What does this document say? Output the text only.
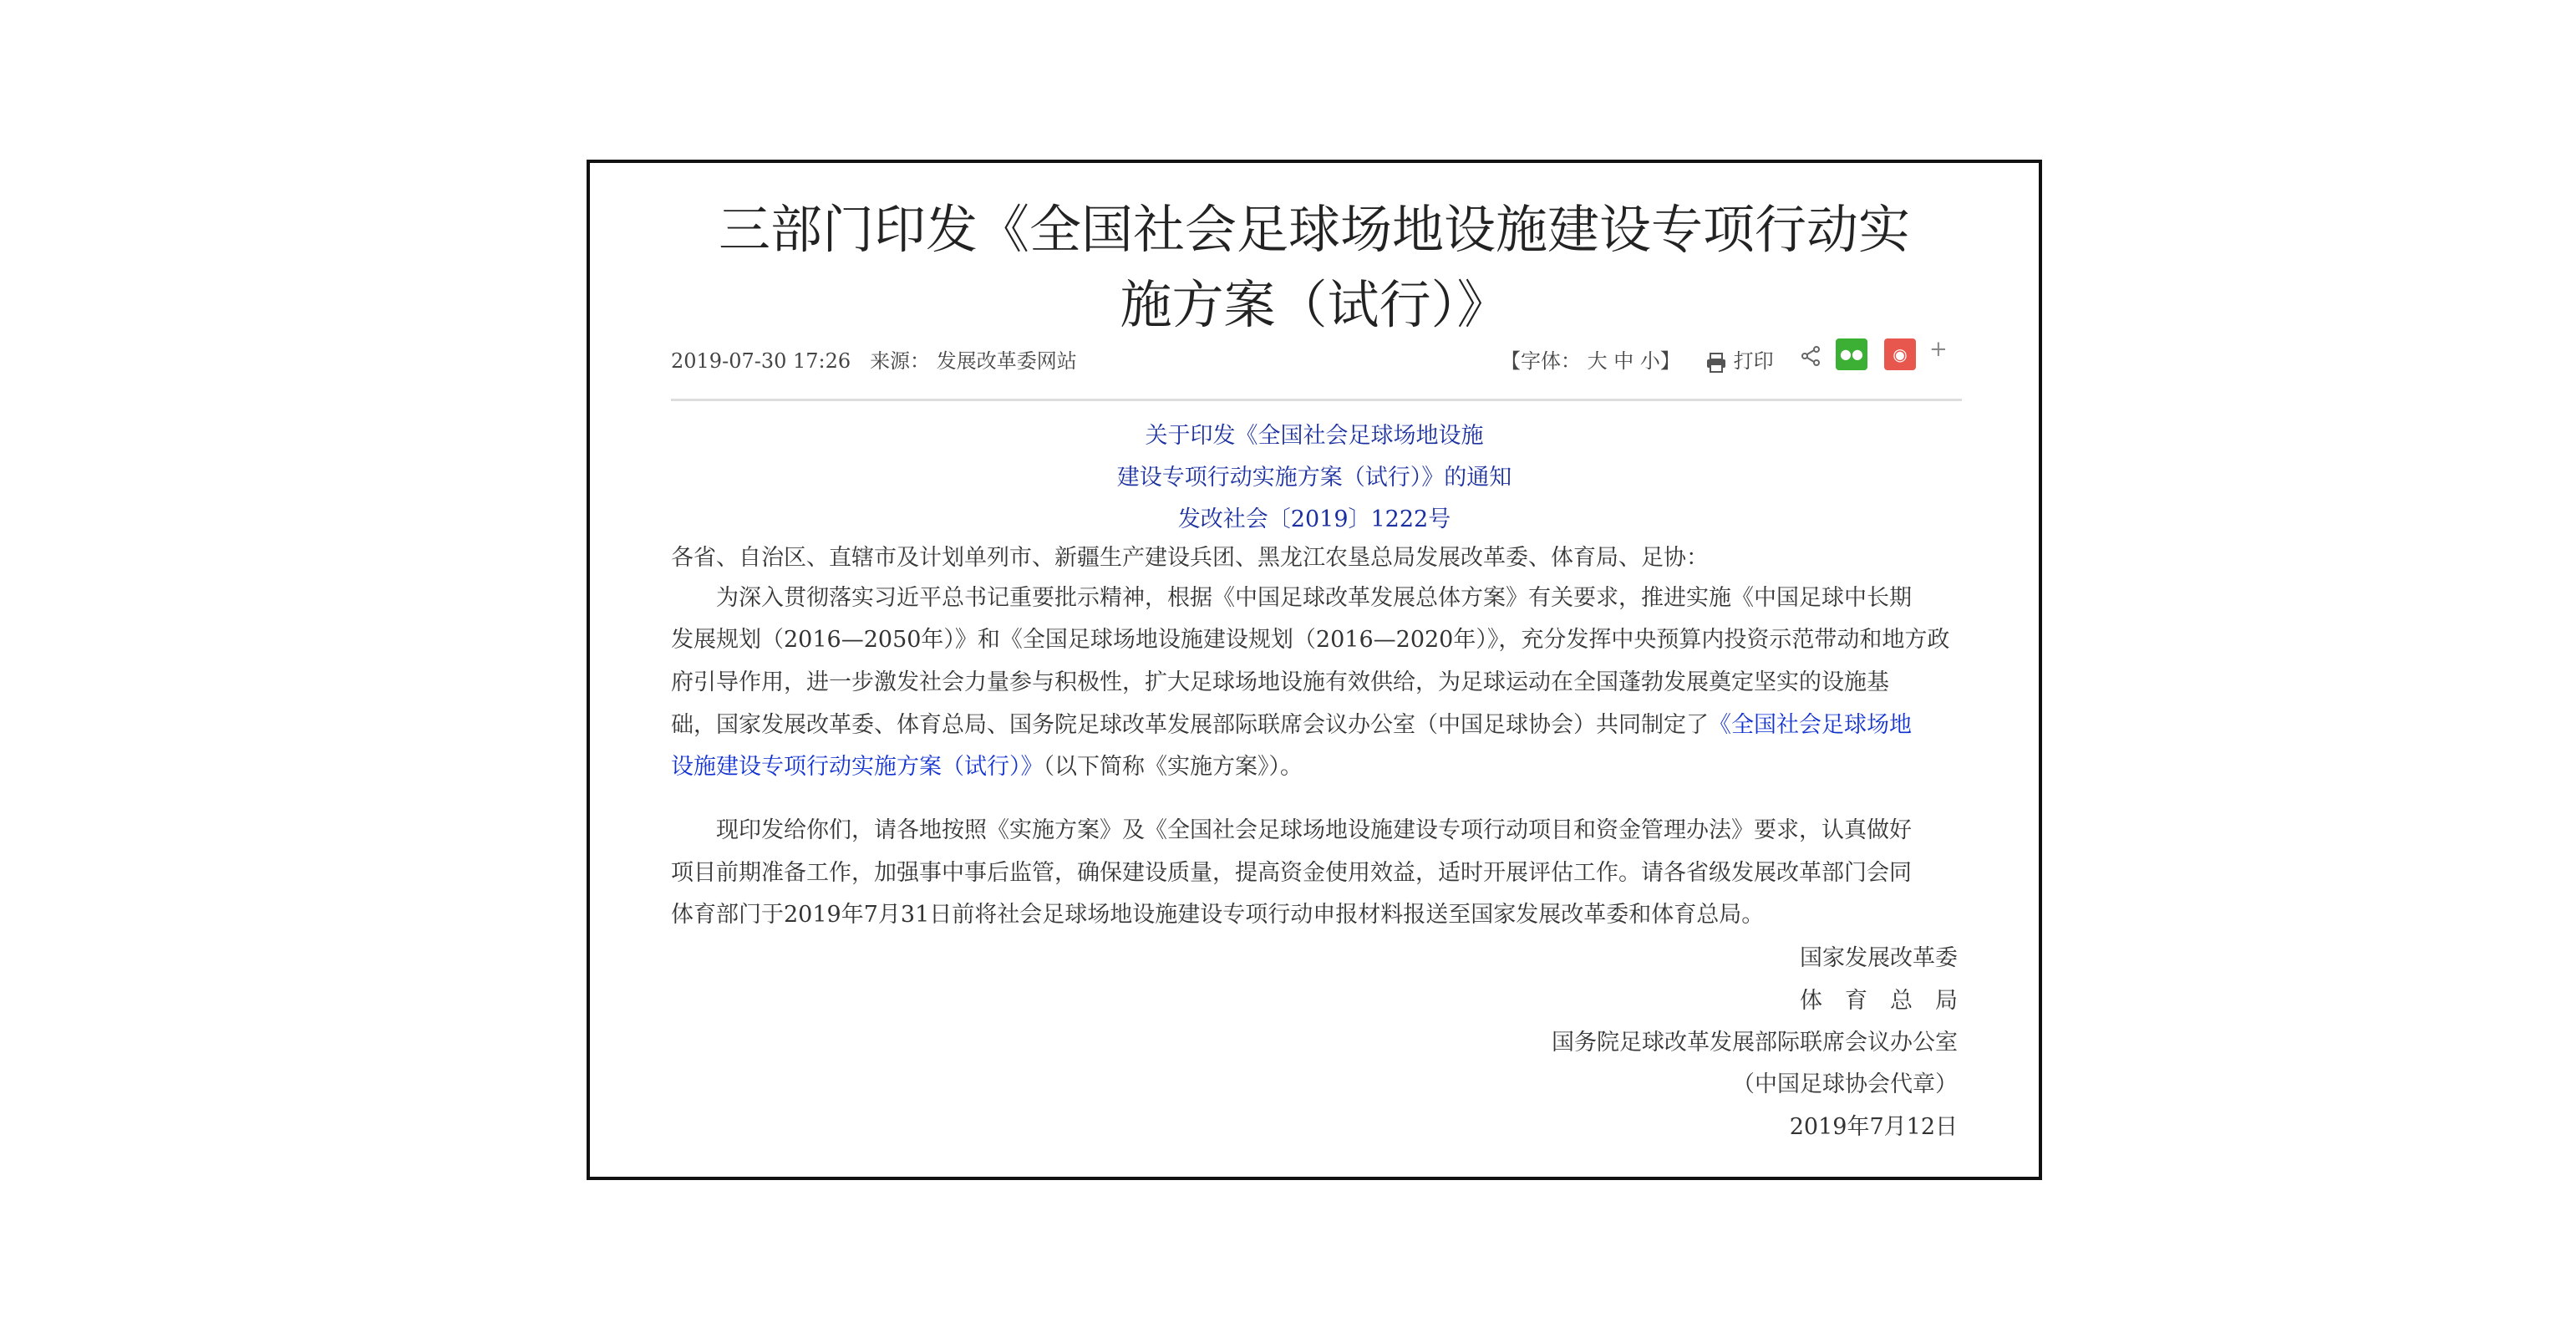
三部门印发《全国社会足球场地设施建设专项行动实
施方案（试行）》
2019-07-30 17:26 来源： 发展改革委网站	【字体： 大 中 小】	打印	●●	◉	+
关于印发《全国社会足球场地设施
建设专项行动实施方案（试行）》的通知
发改社会〔2019〕1222号
各省、自治区、直辖市及计划单列市、新疆生产建设兵团、黑龙江农垦总局发展改革委、体育局、足协：
　　为深入贯彻落实习近平总书记重要批示精神，根据《中国足球改革发展总体方案》有关要求，推进实施《中国足球中长期
发展规划（2016—2050年）》和《全国足球场地设施建设规划（2016—2020年）》，充分发挥中央预算内投资示范带动和地方政
府引导作用，进一步激发社会力量参与积极性，扩大足球场地设施有效供给，为足球运动在全国蓬勃发展奠定坚实的设施基
础，国家发展改革委、体育总局、国务院足球改革发展部际联席会议办公室（中国足球协会）共同制定了《全国社会足球场地
设施建设专项行动实施方案（试行）》（以下简称《实施方案》）。
　　现印发给你们，请各地按照《实施方案》及《全国社会足球场地设施建设专项行动项目和资金管理办法》要求，认真做好
项目前期准备工作，加强事中事后监管，确保建设质量，提高资金使用效益，适时开展评估工作。请各省级发展改革部门会同
体育部门于2019年7月31日前将社会足球场地设施建设专项行动申报材料报送至国家发展改革委和体育总局。
国家发展改革委
体　育　总　局
国务院足球改革发展部际联席会议办公室
（中国足球协会代章）
2019年7月12日
